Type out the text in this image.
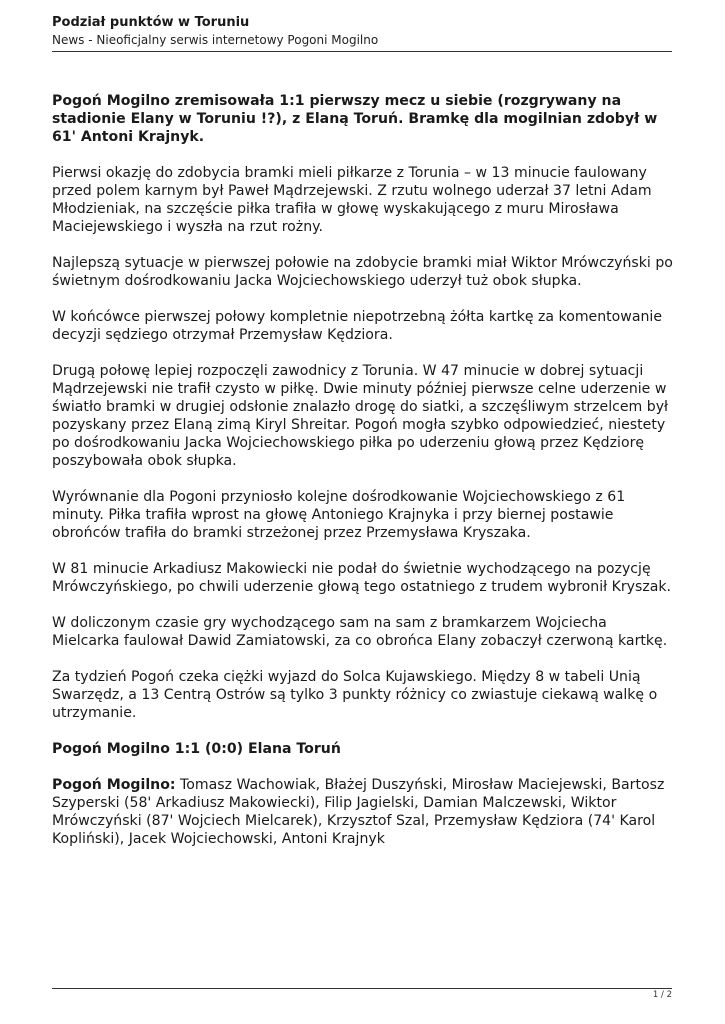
Podział punktów w Toruniu
News - Nieoficjalny serwis internetowy Pogoni Mogilno

Pogoń Mogilno zremisowała 1:1 pierwszy mecz u siebie (rozgrywany na stadionie Elany w Toruniu !?), z Elaną Toruń. Bramkę dla mogilnian zdobył w 61' Antoni Krajnyk.

Pierwsi okazję do zdobycia bramki mieli piłkarze z Torunia – w 13 minucie faulowany przed polem karnym był Paweł Mądrzejewski. Z rzutu wolnego uderzał 37 letni Adam Młodzieniak, na szczęście piłka trafiła w głowę wyskakującego z muru Mirosława Maciejewskiego i wyszła na rzut rożny.

Najlepszą sytuacje w pierwszej połowie na zdobycie bramki miał Wiktor Mrówczyński po świetnym dośrodkowaniu Jacka Wojciechowskiego uderzył tuż obok słupka.

W końcówce pierwszej połowy kompletnie niepotrzebną żółta kartkę za komentowanie decyzji sędziego otrzymał Przemysław Kędziora.

Drugą połowę lepiej rozpoczęli zawodnicy z Torunia. W 47 minucie w dobrej sytuacji Mądrzejewski nie trafił czysto w piłkę. Dwie minuty później pierwsze celne uderzenie w światło bramki w drugiej odsłonie znalazło drogę do siatki, a szczęśliwym strzelcem był pozyskany przez Elaną zimą Kiryl Shreitar. Pogoń mogła szybko odpowiedzieć, niestety po dośrodkowaniu Jacka Wojciechowskiego piłka po uderzeniu głową przez Kędziorę poszybowała obok słupka.

Wyrównanie dla Pogoni przyniosło kolejne dośrodkowanie Wojciechowskiego z 61 minuty. Piłka trafiła wprost na głowę Antoniego Krajnyka i przy biernej postawie obrońców trafiła do bramki strzeżonej przez Przemysława Kryszaka.

W 81 minucie Arkadiusz Makowiecki nie podał do świetnie wychodzącego na pozycję Mrówczyńskiego, po chwili uderzenie głową tego ostatniego z trudem wybronił Kryszak.

W doliczonym czasie gry wychodzącego sam na sam z bramkarzem Wojciecha Mielcarka faulował Dawid Zamiatowski, za co obrońca Elany zobaczył czerwoną kartkę.

Za tydzień Pogoń czeka ciężki wyjazd do Solca Kujawskiego. Między 8 w tabeli Unią Swarzędz, a 13 Centrą Ostrów są tylko 3 punkty różnicy co zwiastuje ciekawą walkę o utrzymanie.

Pogoń Mogilno 1:1 (0:0) Elana Toruń

Pogoń Mogilno: Tomasz Wachowiak, Błażej Duszyński, Mirosław Maciejewski, Bartosz Szyperski (58' Arkadiusz Makowiecki), Filip Jagielski, Damian Malczewski, Wiktor Mrówczyński (87' Wojciech Mielcarek), Krzysztof Szal, Przemysław Kędziora (74' Karol Kopliński), Jacek Wojciechowski, Antoni Krajnyk

1 / 2
